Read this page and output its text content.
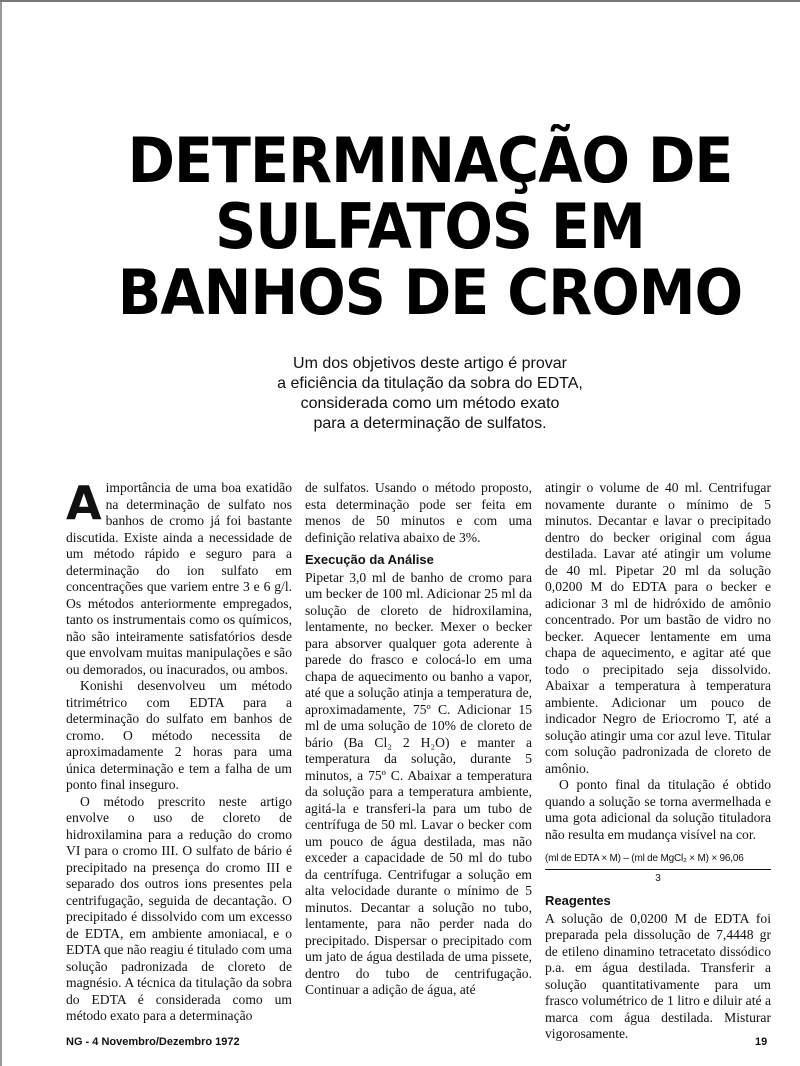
DETERMINAÇÃO DE
SULFATOS EM
BANHOS DE CROMO
Um dos objetivos deste artigo é provar
a eficiência da titulação da sobra do EDTA,
considerada como um método exato
para a determinação de sulfatos.

Aimportância de uma boa exatidão na determinação de sulfato nos banhos de cromo já foi bastante discutida. Existe ainda a necessidade de um método rápido e seguro para a determinação do ion sulfato em concentrações que variem entre 3 e 6 g/l. Os métodos anteriormente empregados, tanto os instrumentais como os químicos, não são inteiramente satisfatórios desde que envolvam muitas manipulações e são ou demorados, ou inacurados, ou ambos.

Konishi desenvolveu um método titrimétrico com EDTA para a determinação do sulfato em banhos de cromo. O método necessita de aproximadamente 2 horas para uma única determinação e tem a falha de um ponto final inseguro.

O método prescrito neste artigo envolve o uso de cloreto de hidroxilamina para a redução do cromo VI para o cromo III. O sulfato de bário é precipitado na presença do cromo III e separado dos outros ions presentes pela centrifugação, seguida de decantação. O precipitado é dissolvido com um excesso de EDTA, em ambiente amoniacal, e o EDTA que não reagiu é titulado com uma solução padronizada de cloreto de magnésio. A técnica da titulação da sobra do EDTA é considerada como um método exato para a determinação

de sulfatos. Usando o método proposto, esta determinação pode ser feita em menos de 50 minutos e com uma definição relativa abaixo de 3%.

Execução da Análise

Pipetar 3,0 ml de banho de cromo para um becker de 100 ml. Adicionar 25 ml da solução de cloreto de hidroxilamina, lentamente, no becker. Mexer o becker para absorver qualquer gota aderente à parede do frasco e colocá-lo em uma chapa de aquecimento ou banho a vapor, até que a solução atinja a temperatura de, aproximadamente, 75º C. Adicionar 15 ml de uma solução de 10% de cloreto de bário (Ba Cl₂ 2 H₂O) e manter a temperatura da solução, durante 5 minutos, a 75º C. Abaixar a temperatura da solução para a temperatura ambiente, agitá-la e transferi-la para um tubo de centrífuga de 50 ml. Lavar o becker com um pouco de água destilada, mas não exceder a capacidade de 50 ml do tubo da centrífuga. Centrifugar a solução em alta velocidade durante o mínimo de 5 minutos. Decantar a solução no tubo, lentamente, para não perder nada do precipitado. Dispersar o precipitado com um jato de água destilada de uma pissete, dentro do tubo de centrifugação. Continuar a adição de água, até

atingir o volume de 40 ml. Centrifugar novamente durante o mínimo de 5 minutos. Decantar e lavar o precipitado dentro do becker original com água destilada. Lavar até atingir um volume de 40 ml. Pipetar 20 ml da solução 0,0200 M do EDTA para o becker e adicionar 3 ml de hidróxido de amônio concentrado. Por um bastão de vidro no becker. Aquecer lentamente em uma chapa de aquecimento, e agitar até que todo o precipitado seja dissolvido. Abaixar a temperatura à temperatura ambiente. Adicionar um pouco de indicador Negro de Eriocromo T, até a solução atingir uma cor azul leve. Titular com solução padronizada de cloreto de amônio.

O ponto final da titulação é obtido quando a solução se torna avermelhada e uma gota adicional da solução tituladora não resulta em mudança visível na cor.

(ml de EDTA × M) – (ml de MgCl₂ × M) × 96,06
3
Reagentes

A solução de 0,0200 M de EDTA foi preparada pela dissolução de 7,4448 gr de etileno dinamino tetracetato dissódico p.a. em água destilada. Transferir a solução quantitativamente para um frasco volumétrico de 1 litro e diluir até a marca com água destilada. Misturar vigorosamente.

NG - 4 Novembro/Dezembro 1972	19
